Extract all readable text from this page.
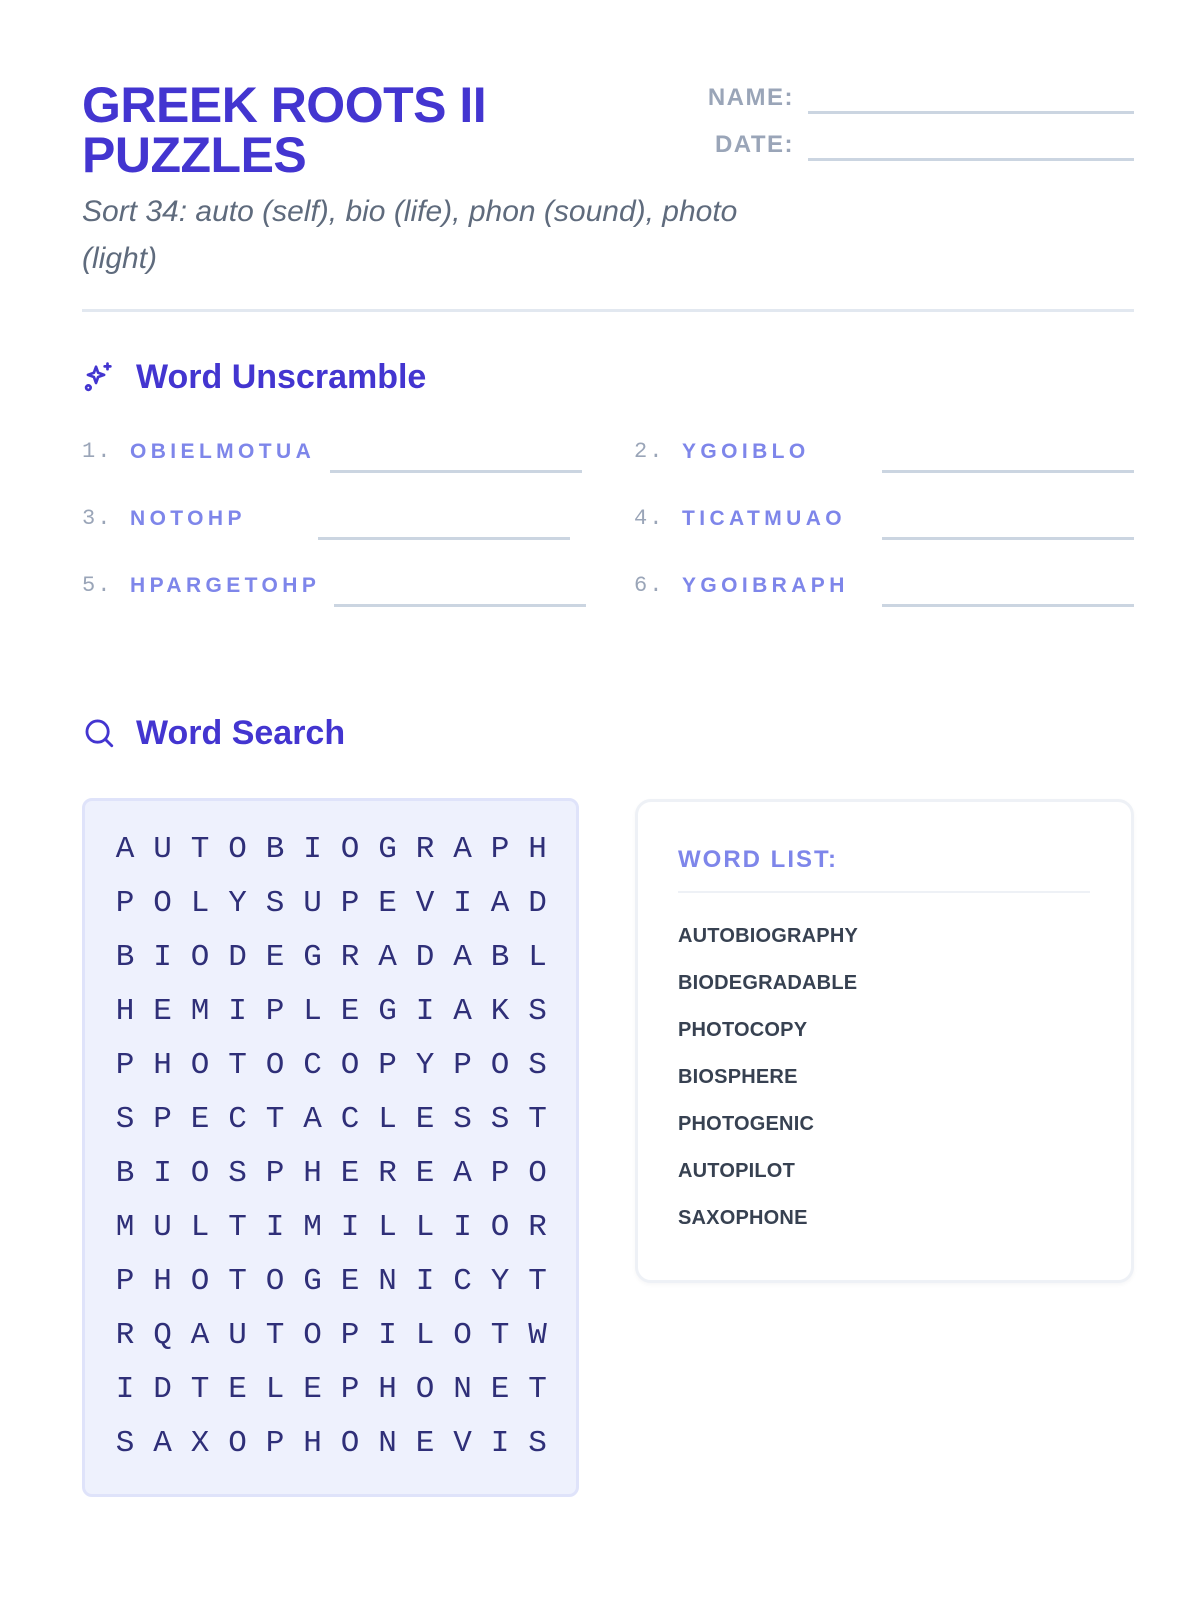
GREEK ROOTS II PUZZLES
Sort 34: auto (self), bio (life), phon (sound), photo (light)
NAME:
DATE:
Word Unscramble
1. OBIELMOTUA	2. YGOIBLO
3. NOTOHP	4. TICATMUAO
5. HPARGETOHP	6. YGOIBRAPH
Word Search
A U T O B I O G R A P H
P O L Y S U P E V I A D
B I O D E G R A D A B L
H E M I P L E G I A K S
P H O T O C O P Y P O S
S P E C T A C L E S S T
B I O S P H E R E A P O
M U L T I M I L L I O R
P H O T O G E N I C Y T
R Q A U T O P I L O T W
I D T E L E P H O N E T
S A X O P H O N E V I S
WORD LIST:
AUTOBIOGRAPHY
BIODEGRADABLE
PHOTOCOPY
BIOSPHERE
PHOTOGENIC
AUTOPILOT
SAXOPHONE
